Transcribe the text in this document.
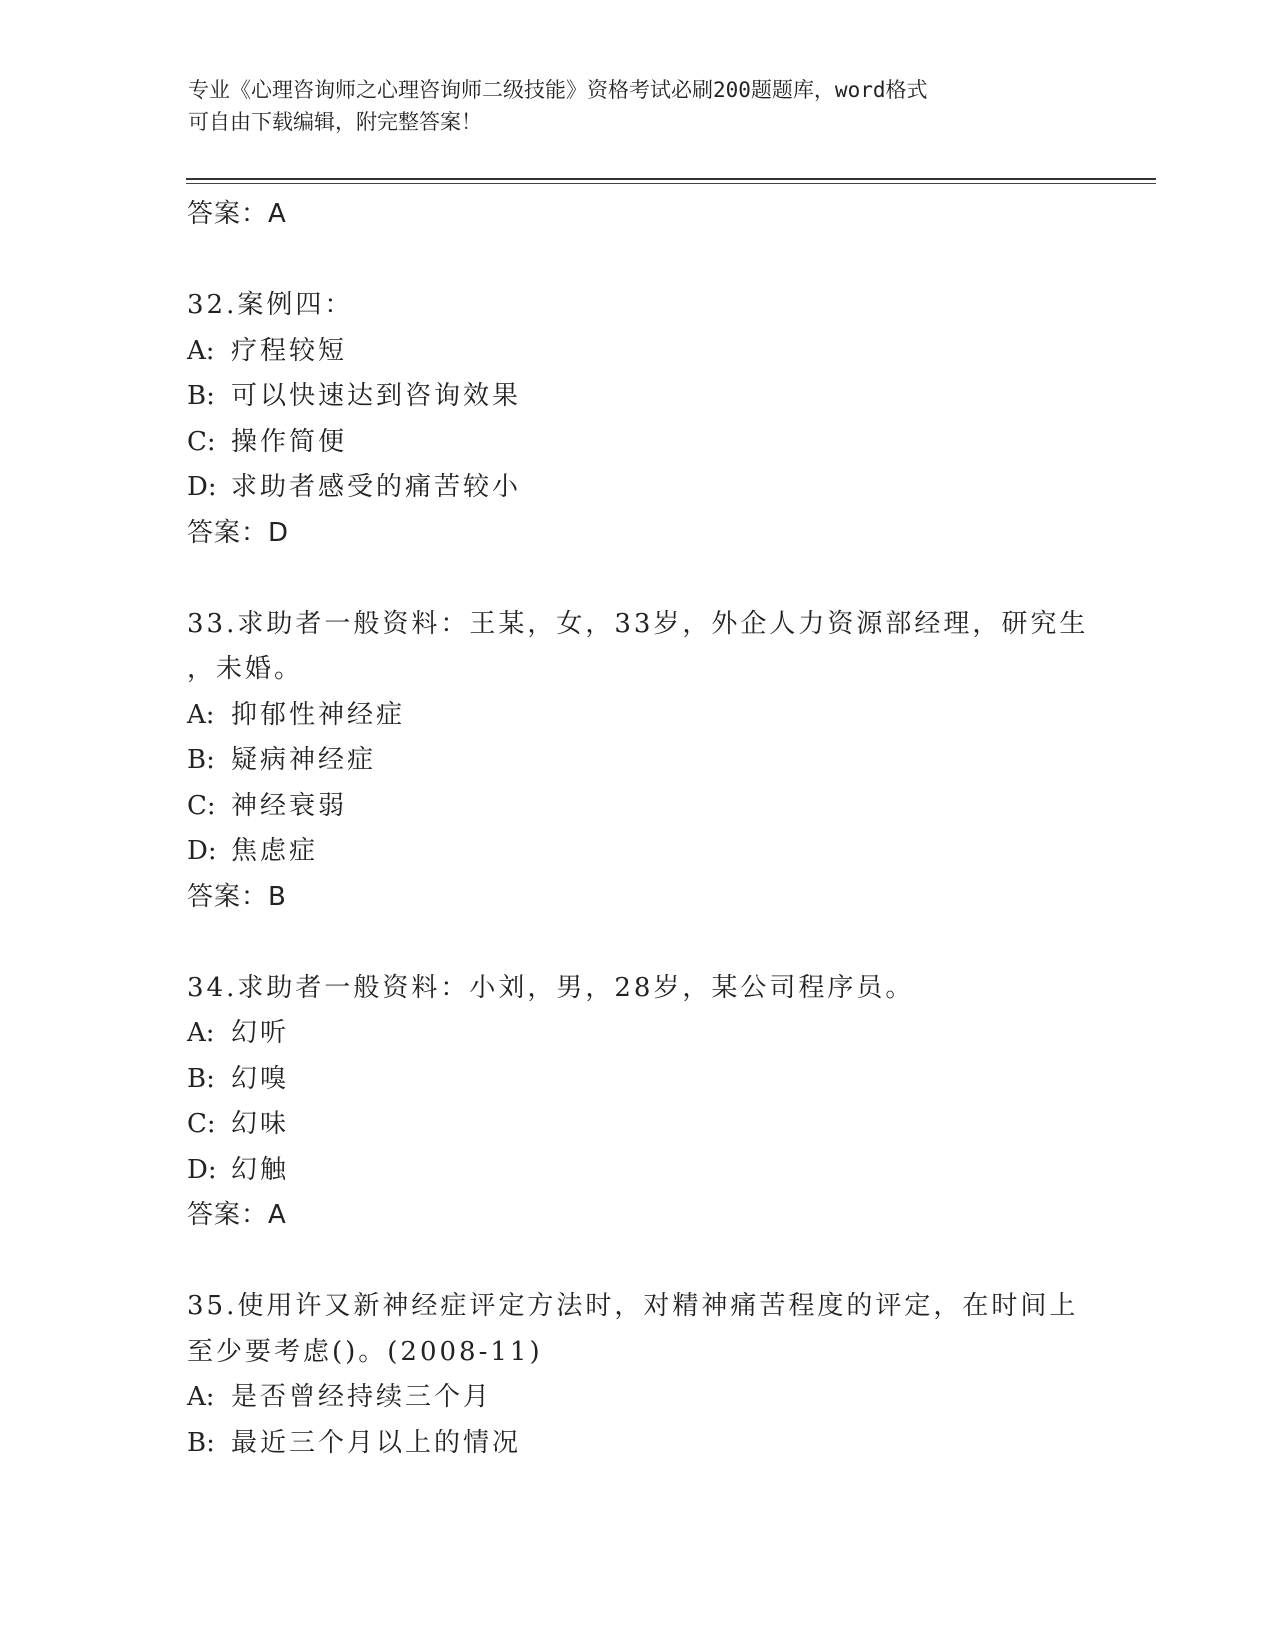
专业《心理咨询师之心理咨询师二级技能》资格考试必刷200题题库，word格式
可自由下载编辑，附完整答案！
答案：A
32.案例四：
A: 疗程较短
B: 可以快速达到咨询效果
C: 操作简便
D: 求助者感受的痛苦较小
答案：D
33.求助者一般资料：王某，女，33岁，外企人力资源部经理，研究生
，未婚。
A: 抑郁性神经症
B: 疑病神经症
C: 神经衰弱
D: 焦虑症
答案：B
34.求助者一般资料：小刘，男，28岁，某公司程序员。
A: 幻听
B: 幻嗅
C: 幻味
D: 幻触
答案：A
35.使用许又新神经症评定方法时，对精神痛苦程度的评定，在时间上
至少要考虑()。(2008-11)
A: 是否曾经持续三个月
B: 最近三个月以上的情况
